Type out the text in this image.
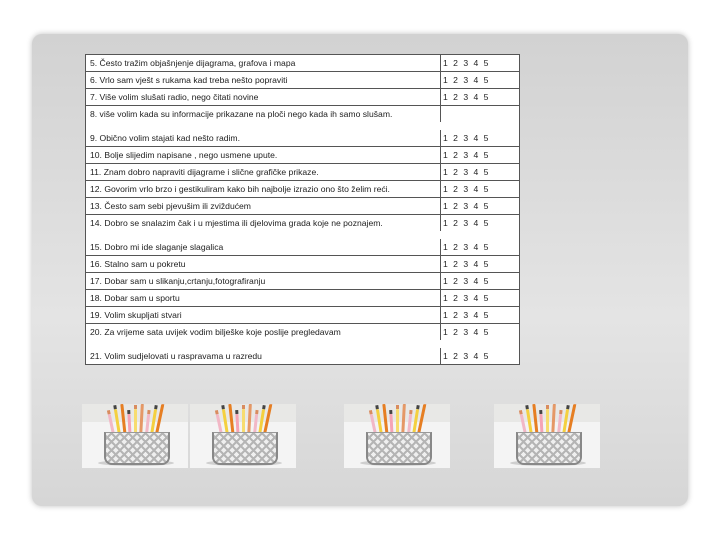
5. Često tražim objašnjenje dijagrama, grafova i mapa	1 2 3 4 5
6. Vrlo sam vješt s rukama kad treba nešto popraviti	1 2 3 4 5
7. Više volim slušati radio, nego čitati novine	1 2 3 4 5
8. više volim kada su informacije prikazane na ploči nego kada ih samo slušam.
9. Obično volim stajati kad nešto radim.	1 2 3 4 5
10. Bolje slijedim napisane , nego usmene upute.	1 2 3 4 5
11. Znam dobro napraviti dijagrame i slične grafičke prikaze.	1 2 3 4 5
12. Govorim vrlo brzo i gestikuliram kako bih najbolje izrazio ono što želim reći.	1 2 3 4 5
13. Često sam sebi pjevušim ili zviždućem	1 2 3 4 5
14. Dobro se snalazim čak i u mjestima ili djelovima grada koje ne poznajem.	1 2 3 4 5
15. Dobro mi ide slaganje slagalica	1 2 3 4 5
16. Stalno sam u pokretu	1 2 3 4 5
17. Dobar sam u slikanju,crtanju,fotografiranju	1 2 3 4 5
18. Dobar sam u sportu	1 2 3 4 5
19. Volim skupljati stvari	1 2 3 4 5
20. Za vrijeme sata uvijek vodim bilješke koje poslije pregledavam	1 2 3 4 5
21. Volim sudjelovati u raspravama u razredu	1 2 3 4 5
